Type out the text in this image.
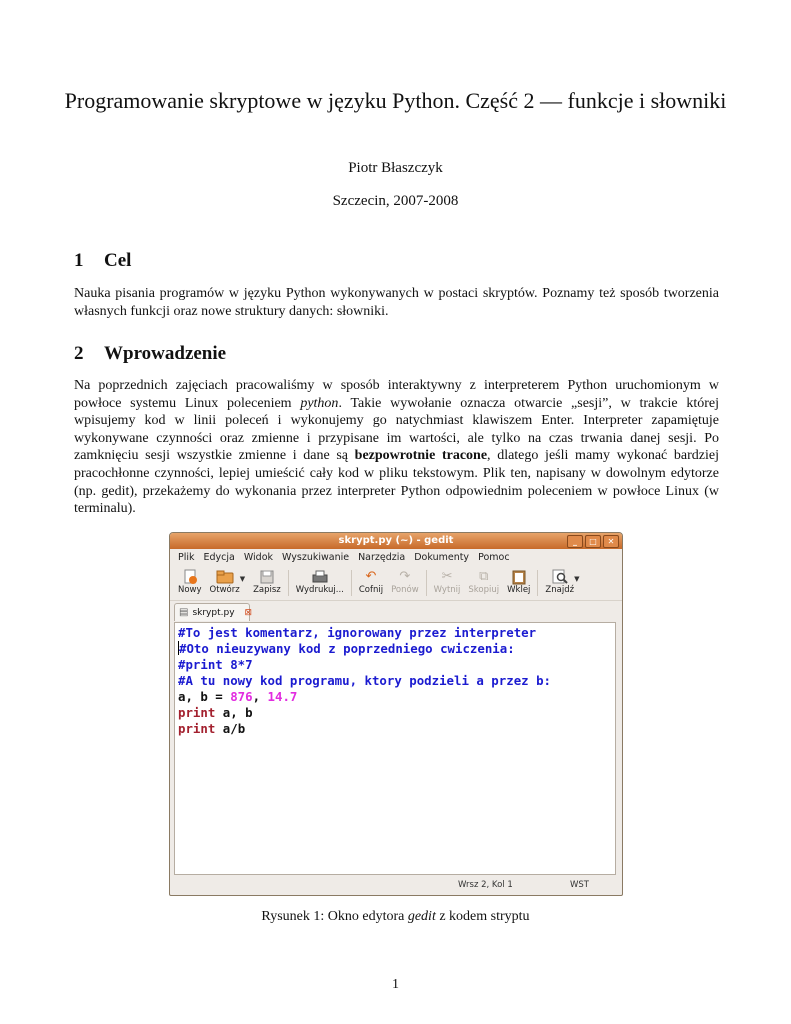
Programowanie skryptowe w języku Python. Część 2 — funkcje i słowniki
Piotr Błaszczyk
Szczecin, 2007-2008
1 Cel
Nauka pisania programów w języku Python wykonywanych w postaci skryptów. Poznamy też sposób tworzenia własnych funkcji oraz nowe struktury danych: słowniki.
2 Wprowadzenie
Na poprzednich zajęciach pracowaliśmy w sposób interaktywny z interpreterem Python uruchomionym w powłoce systemu Linux poleceniem python. Takie wywołanie oznacza otwarcie „sesji”, w trakcie której wpisujemy kod w linii poleceń i wykonujemy go natychmiast klawiszem Enter. Interpreter zapamiętuje wykonywane czynności oraz zmienne i przypisane im wartości, ale tylko na czas trwania danej sesji. Po zamknięciu sesji wszystkie zmienne i dane są bezpowrotnie tracone, dlatego jeśli mamy wykonać bardziej pracochłonne czynności, lepiej umieścić cały kod w pliku tekstowym. Plik ten, napisany w dowolnym edytorze (np. gedit), przekażemy do wykonania przez interpreter Python odpowiednim poleceniem w powłoce Linux (w terminalu).
skrypt.py (~) - gedit	_	□	✕
Plik Edycja Widok Wyszukiwanie Narzędzia Dokumenty Pomoc
Nowy Otwórz
▼
Zapisz Wydrukuj...
↶
Cofnij
↷
Ponów
✂
Wytnij
⧉
Skopiuj Wklej Znajdź
▼
▤ skrypt.py ⊠
#To jest komentarz, ignorowany przez interpreter
#Oto nieuzywany kod z poprzedniego cwiczenia:
#print 8*7
#A tu nowy kod programu, ktory podzieli a przez b:
a, b = 876, 14.7
print a, b
print a/b
Wrsz 2, Kol 1	WST
Rysunek 1: Okno edytora gedit z kodem stryptu
1
